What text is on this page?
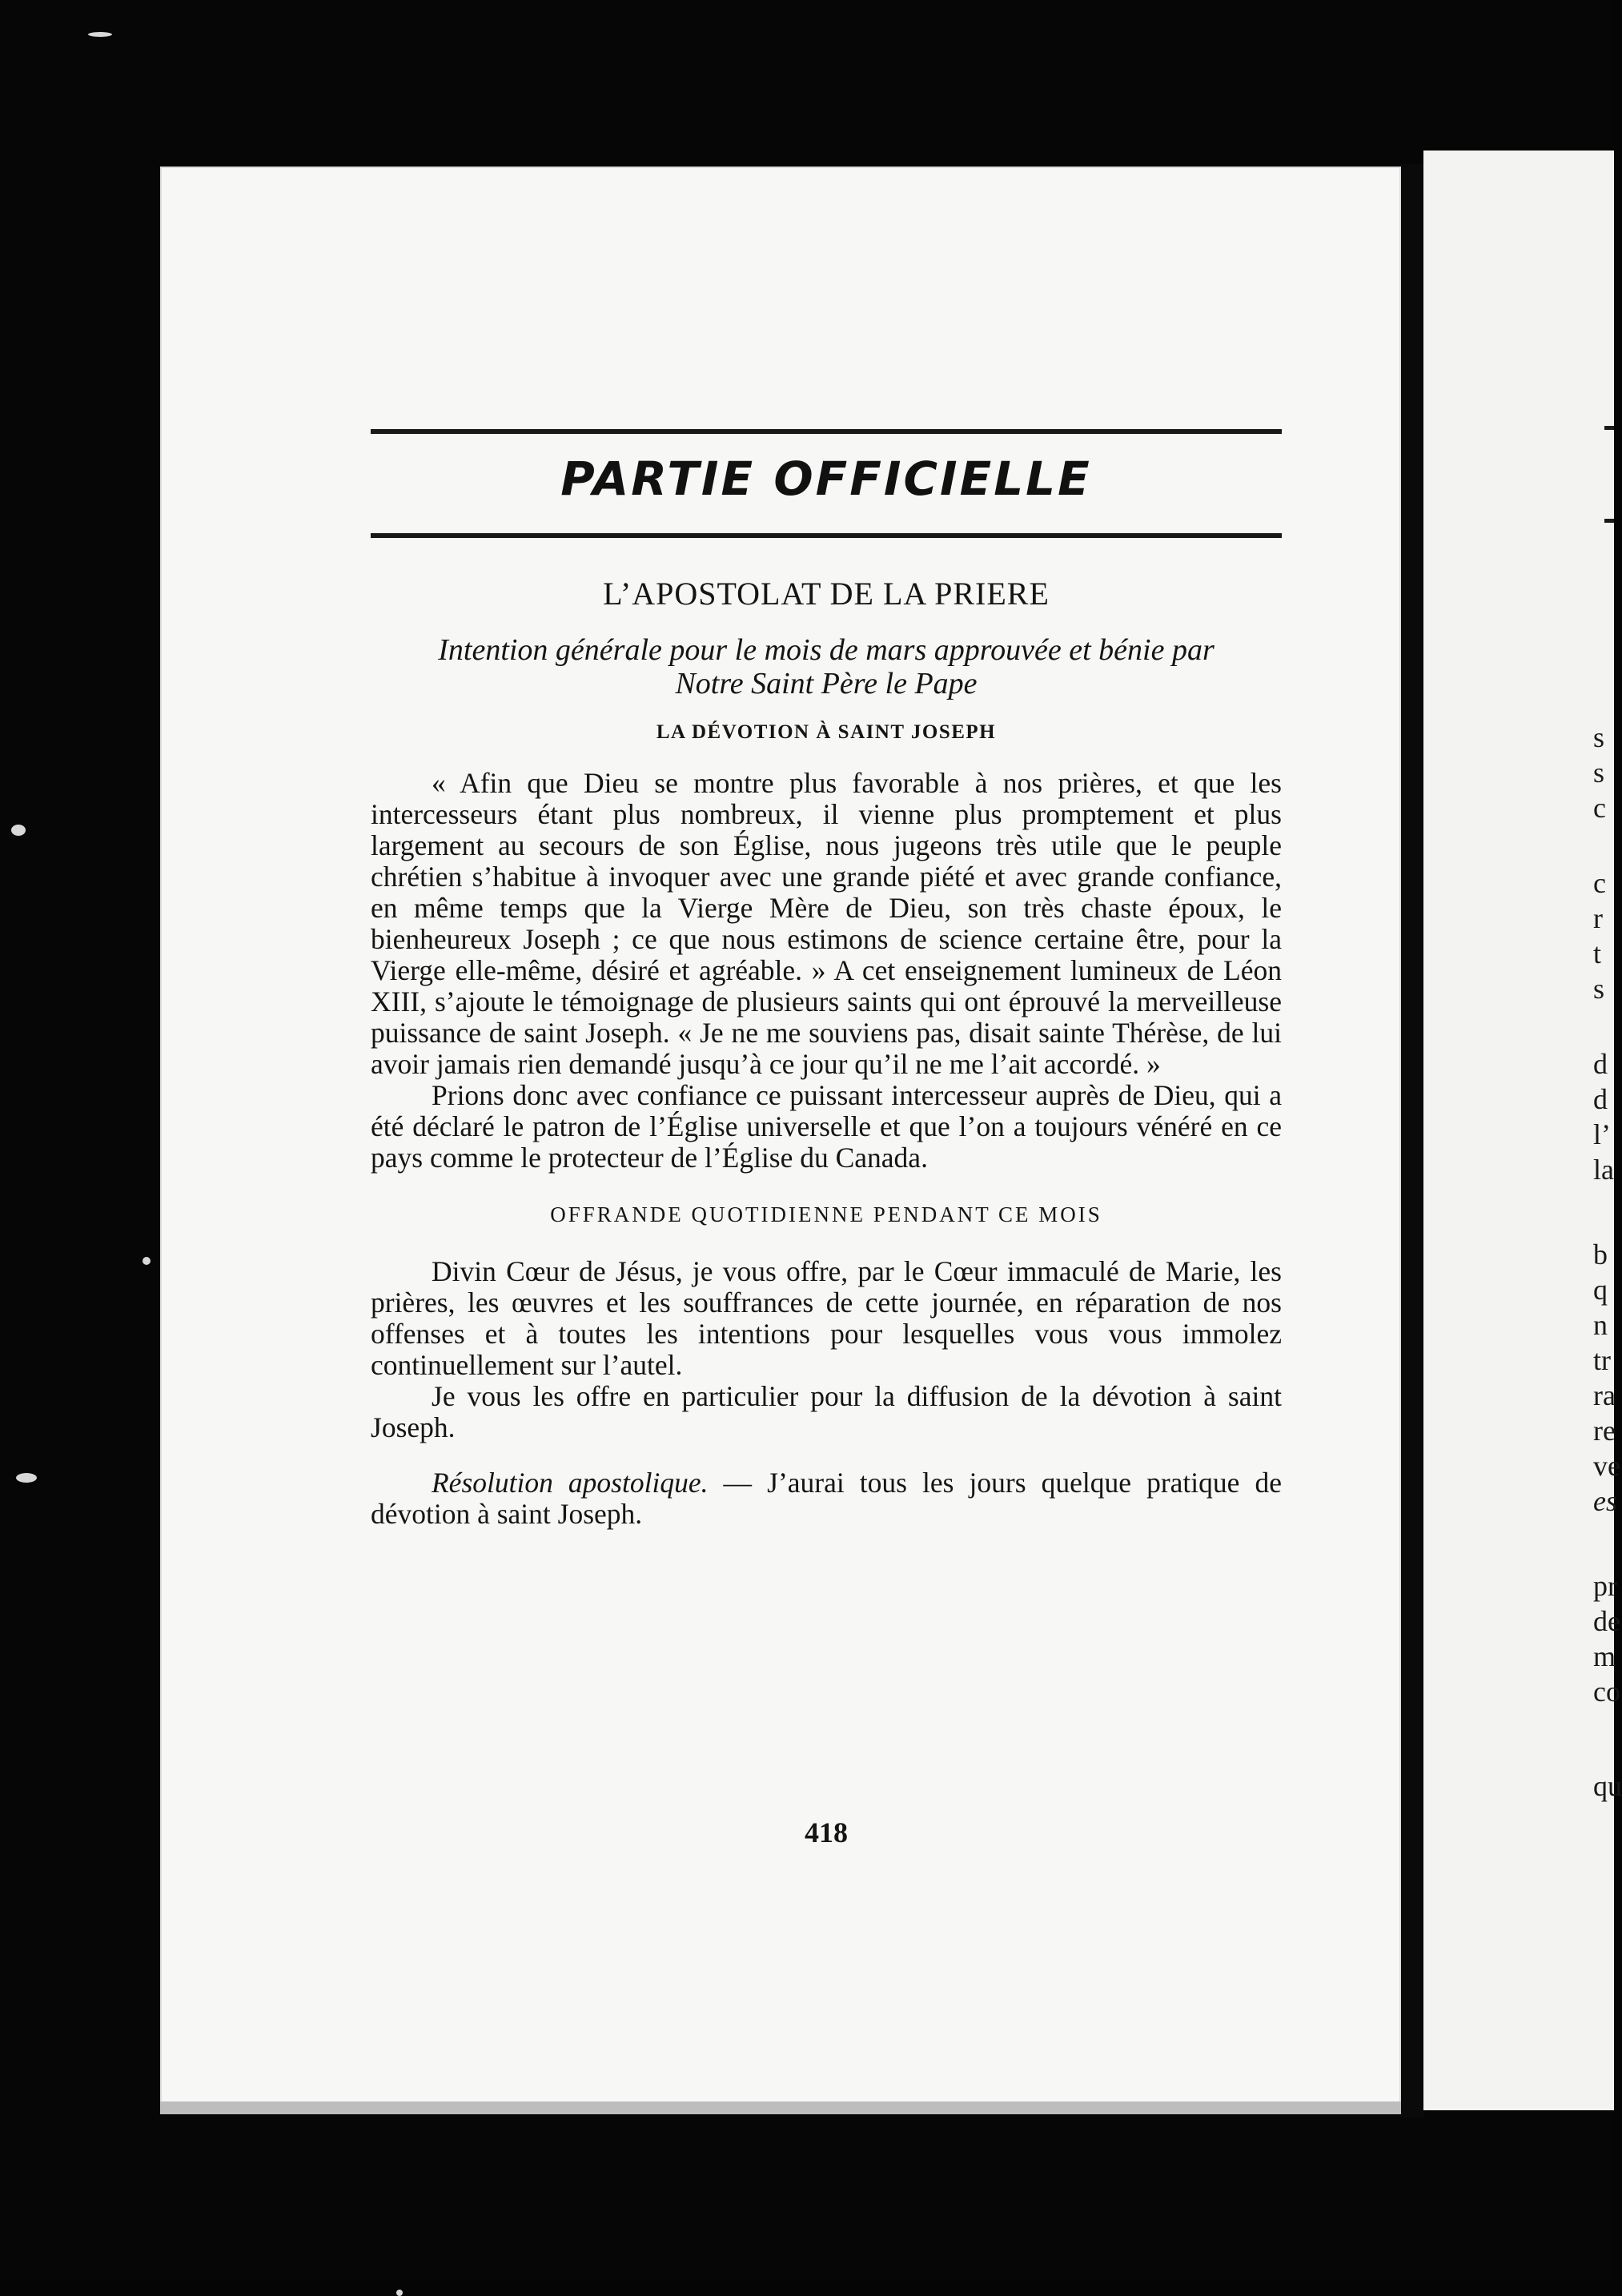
PARTIE OFFICIELLE
L’APOSTOLAT DE LA PRIERE
Intention générale pour le mois de mars approuvée et bénie par
Notre Saint Père le Pape
LA DÉVOTION À SAINT JOSEPH

« Afin que Dieu se montre plus favorable à nos prières, et que les intercesseurs étant plus nombreux, il vienne plus promptement et plus largement au secours de son Église, nous jugeons très utile que le peuple chrétien s’habitue à invoquer avec une grande piété et avec grande confiance, en même temps que la Vierge Mère de Dieu, son très chaste époux, le bienheureux Joseph ; ce que nous estimons de science certaine être, pour la Vierge elle-même, désiré et agréable. » A cet enseignement lumineux de Léon XIII, s’ajoute le témoignage de plusieurs saints qui ont éprouvé la merveilleuse puissance de saint Joseph. « Je ne me souviens pas, disait sainte Thérèse, de lui avoir jamais rien demandé jusqu’à ce jour qu’il ne me l’ait accordé. »

Prions donc avec confiance ce puissant intercesseur auprès de Dieu, qui a été déclaré le patron de l’Église universelle et que l’on a toujours vénéré en ce pays comme le protecteur de l’Église du Canada.

OFFRANDE QUOTIDIENNE PENDANT CE MOIS

Divin Cœur de Jésus, je vous offre, par le Cœur immaculé de Marie, les prières, les œuvres et les souffrances de cette journée, en réparation de nos offenses et à toutes les intentions pour lesquelles vous vous immolez continuellement sur l’autel.

Je vous les offre en particulier pour la diffusion de la dévotion à saint Joseph.

Résolution apostolique. — J’aurai tous les jours quelque pratique de dévotion à saint Joseph.

418
s
s
c
c
r
t
s
d
d
l’
la
b
q
n
tr
ra
re
ve
es
pr
de
m
co
qu
